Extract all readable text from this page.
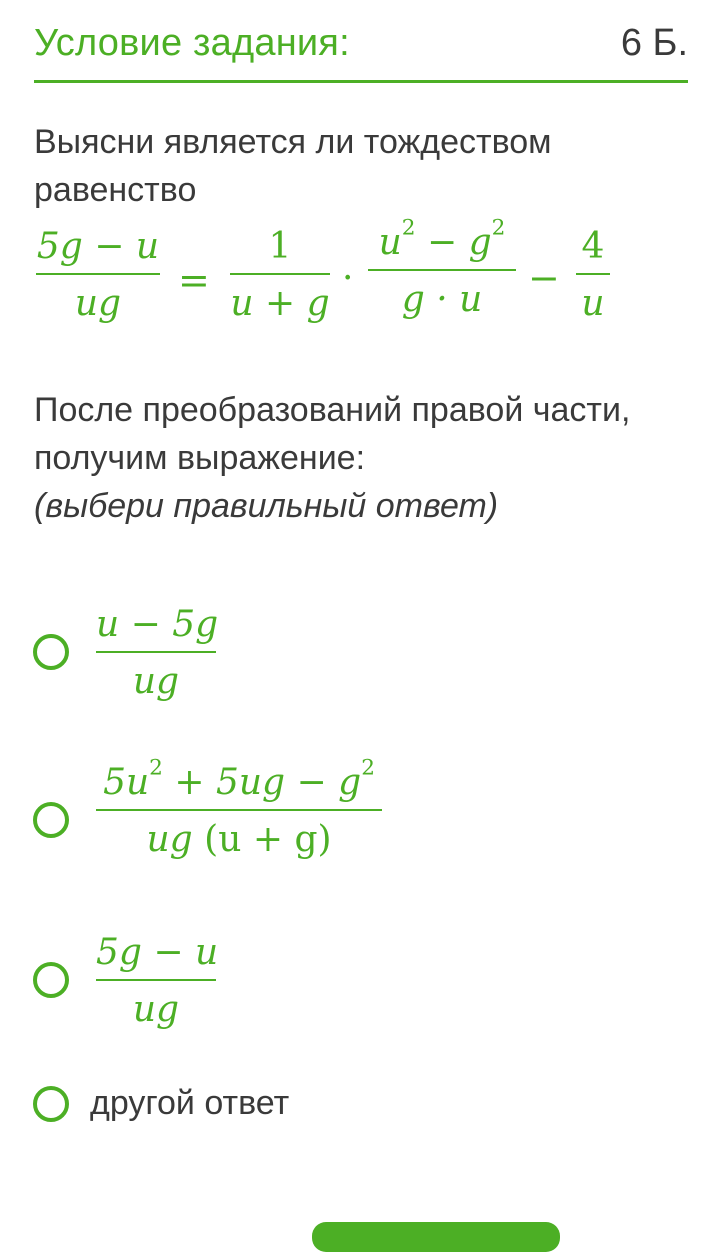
Условие задания:	6 Б.
Выясни является ли тождеством равенство
5g − u
ug
=
1
u + g
·
$u^2 - g^2$
g · u	−
4
u
После преобразований правой части,
получим выражение:
(выбери правильный ответ)
u − 5g
ug
$5u^2 + 5ug - g^2$
ug (u + g)
5g − u
ug
другой ответ
